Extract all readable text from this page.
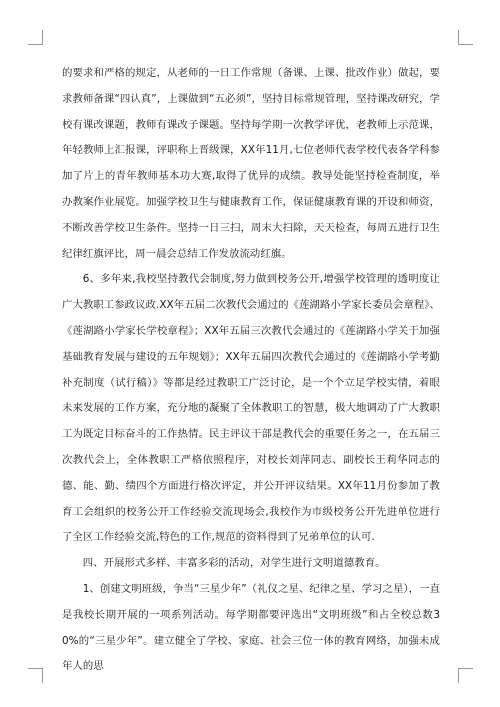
的要求和严格的规定，从老师的一日工作常规（备课、上课、批改作业）做起，要求教师备课“四认真”，上课做到“五必须”，坚持目标常规管理，坚持课改研究，学校有课改课题，教师有课改子课题。坚持每学期一次教学评优，老教师上示范课，年轻教师上汇报课，评职称上晋级课，XX年11月,七位老师代表学校代表各学科参加了片上的青年教师基本功大赛,取得了优异的成绩。教导处能坚持检查制度，举办教案作业展览。加强学校卫生与健康教育工作，保证健康教育课的开设和师资，不断改善学校卫生条件。坚持一日三扫，周末大扫除，天天检查，每周五进行卫生纪律红旗评比，周一晨会总结工作发放流动红旗。

6、多年来,我校坚持教代会制度,努力做到校务公开,增强学校管理的透明度让广大教职工参政议政.XX年五届二次教代会通过的《莲湖路小学家长委员会章程》、《莲湖路小学家长学校章程》；XX年五届三次教代会通过的《莲湖路小学关于加强基础教育发展与建设的五年规划》；XX年五届四次教代会通过的《莲湖路小学考勤补充制度（试行稿）》等都是经过教职工广泛讨论，是一个个立足学校实情，着眼未来发展的工作方案，充分地的凝聚了全体教职工的智慧，极大地调动了广大教职工为既定目标奋斗的工作热情。民主评议干部是教代会的重要任务之一，在五届三次教代会上，全体教职工严格依照程序，对校长刘萍同志、副校长王莉华同志的德、能、勤、绩四个方面进行格次评定，并公开评议结果。XX年11月份参加了教育工会组织的校务公开工作经验交流现场会,我校作为市级校务公开先进单位进行了全区工作经验交流,特色的工作,规范的资料得到了兄弟单位的认可.

四、开展形式多样、丰富多彩的活动，对学生进行文明道德教育。

1、创建文明班级，争当“三星少年”（礼仪之星、纪律之星、学习之星），一直是我校长期开展的一项系列活动。每学期都要评选出“文明班级”和占全校总数30%的“三星少年”。建立健全了学校、家庭、社会三位一体的教育网络，加强未成年人的思
